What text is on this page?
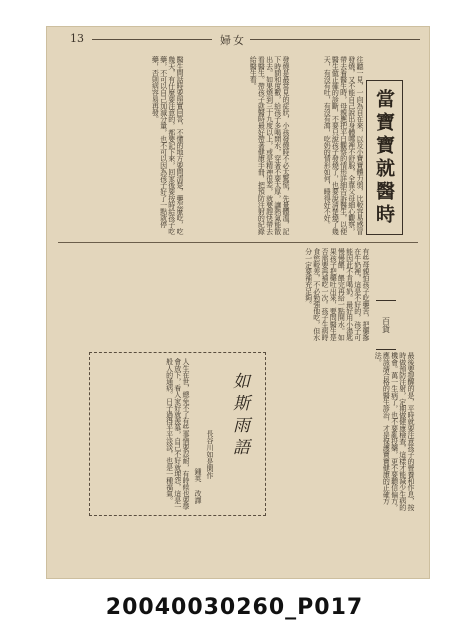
13	婦女
當寶寶就醫時
往聽一見，一向為自在來，以及小寶寶體力弱，比較容易感冒發燒，又不能自己說出身體哪裡不舒服，全靠父母細心觀察，帶去看醫生時，母親應把平日觀察的情形詳細告訴醫生，以便醫生做正確的診斷，不要只說孩子發燒了，也要說清楚燒了幾天，有沒有吐，有沒有瀉，吃奶的情形如何，睡得好不好。
發燒是最常見的症狀，小孩發燒時不必太驚慌，先量體溫，記下時間和度數，給孩子多喝開水，穿著不要太厚，讓熱氣能散出去。如果燒到三十九度以上，或是精神很差，就要趕快帶去看醫生。帶孩子就醫時最好帶著健康手冊，把預防注射的紀錄給醫生看。
醫生問話時要照實回答，不懂的地方要問清楚，藥怎麼吃，吃幾天，有什麼要注意的，都要記下來，回家後要按時給孩子吃藥，不可以自己加減分量，也不可以因為孩子好了一點就停藥，否則病容易再發。
百貨
有些母親怕孩子吃藥苦，把藥摻在牛奶裡，這是不好的，孩子可能因此不肯喝奶。最好用小湯匙慢慢餵，餵完再給一點開水。如果孩子把藥吐出來，要問醫生是否需要再補吃一次。孩子生病時食慾較差，不必勉強他吃，但水分一定要補充足夠。
最後要提醒的是，平時就要注意孩子的營養和作息，按時做預防注射，定期做健康檢查，這樣才能減少生病的機會。萬一生病了，也不要亂投藥，更不要聽信偏方，應該請合格的醫生診治，才是保護寶寶健康的正確方法。
如斯雨語
長谷川如是閑作
鍾英 改譯
人生在世，總免不了有些事情要忍耐，有時候也要學會放下，看人家好就羨慕，自己不好就埋怨，這是一般人的通病。日子過得平平淡淡，也是一種福氣。
20040030260_P017
